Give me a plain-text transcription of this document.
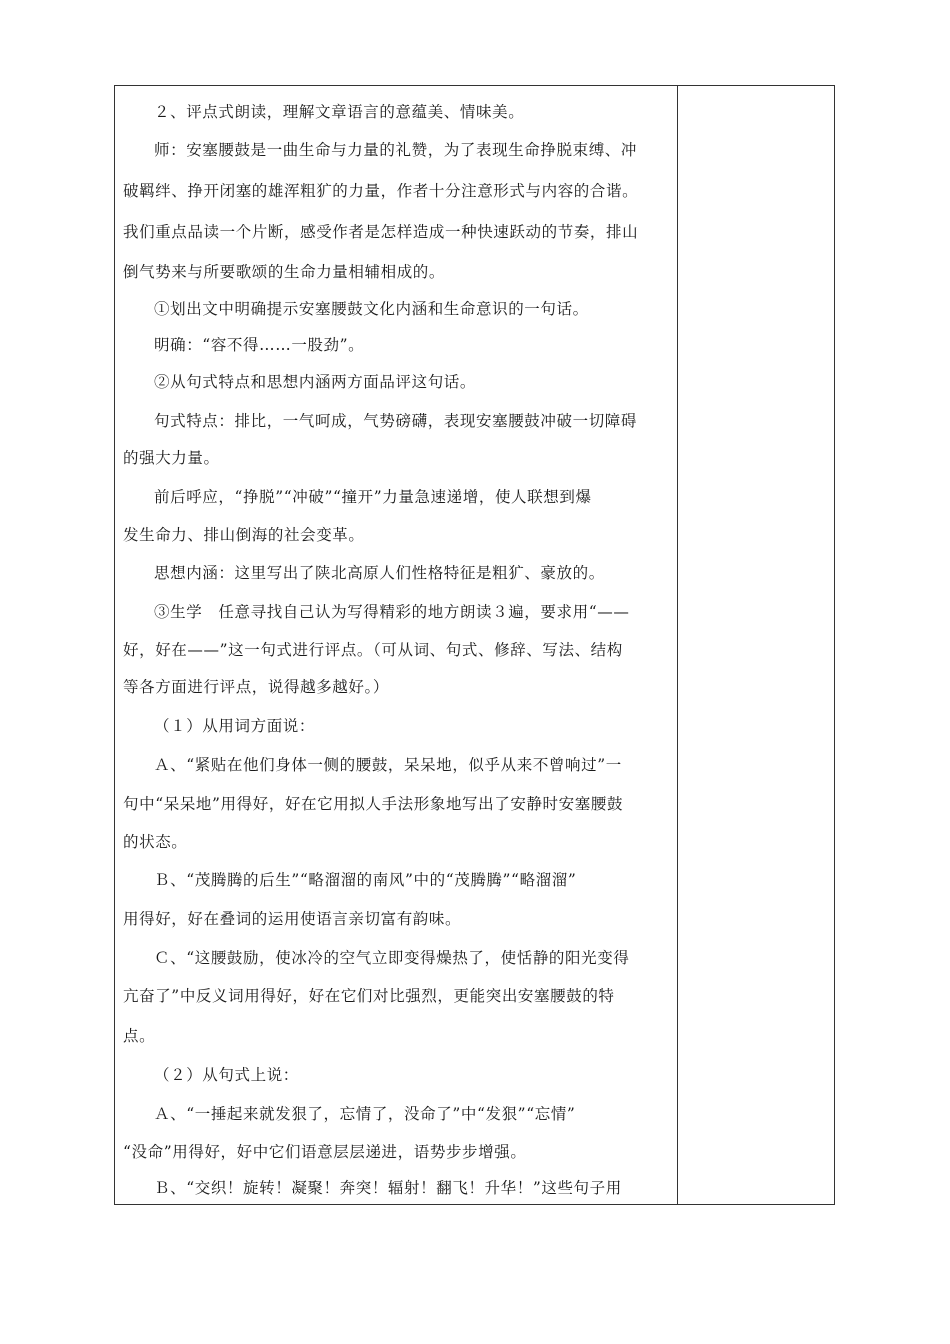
２、评点式朗读，理解文章语言的意蕴美、情味美。
师：安塞腰鼓是一曲生命与力量的礼赞，为了表现生命挣脱束缚、冲
破羁绊、挣开闭塞的雄浑粗犷的力量，作者十分注意形式与内容的合谐。
我们重点品读一个片断，感受作者是怎样造成一种快速跃动的节奏，排山
倒气势来与所要歌颂的生命力量相辅相成的。
①划出文中明确提示安塞腰鼓文化内涵和生命意识的一句话。
明确：“容不得……一股劲”。
②从句式特点和思想内涵两方面品评这句话。
句式特点：排比，一气呵成，气势磅礴，表现安塞腰鼓冲破一切障碍
的强大力量。
前后呼应，“挣脱”“冲破”“撞开”力量急速递增，使人联想到爆
发生命力、排山倒海的社会变革。
思想内涵：这里写出了陕北高原人们性格特征是粗犷、豪放的。
③生学　任意寻找自己认为写得精彩的地方朗读３遍，要求用“——
好，好在——”这一句式进行评点。（可从词、句式、修辞、写法、结构
等各方面进行评点，说得越多越好。）
（１）从用词方面说：
Ａ、“紧贴在他们身体一侧的腰鼓，呆呆地，似乎从来不曾响过”一
句中“呆呆地”用得好，好在它用拟人手法形象地写出了安静时安塞腰鼓
的状态。
Ｂ、“茂腾腾的后生”“略溜溜的南风”中的“茂腾腾”“略溜溜”
用得好，好在叠词的运用使语言亲切富有韵味。
Ｃ、“这腰鼓励，使冰冷的空气立即变得燥热了，使恬静的阳光变得
亢奋了”中反义词用得好，好在它们对比强烈，更能突出安塞腰鼓的特
点。
（２）从句式上说：
Ａ、“一捶起来就发狠了，忘情了，没命了”中“发狠”“忘情”
“没命”用得好，好中它们语意层层递进，语势步步增强。
Ｂ、“交织！旋转！凝聚！奔突！辐射！翻飞！升华！”这些句子用
